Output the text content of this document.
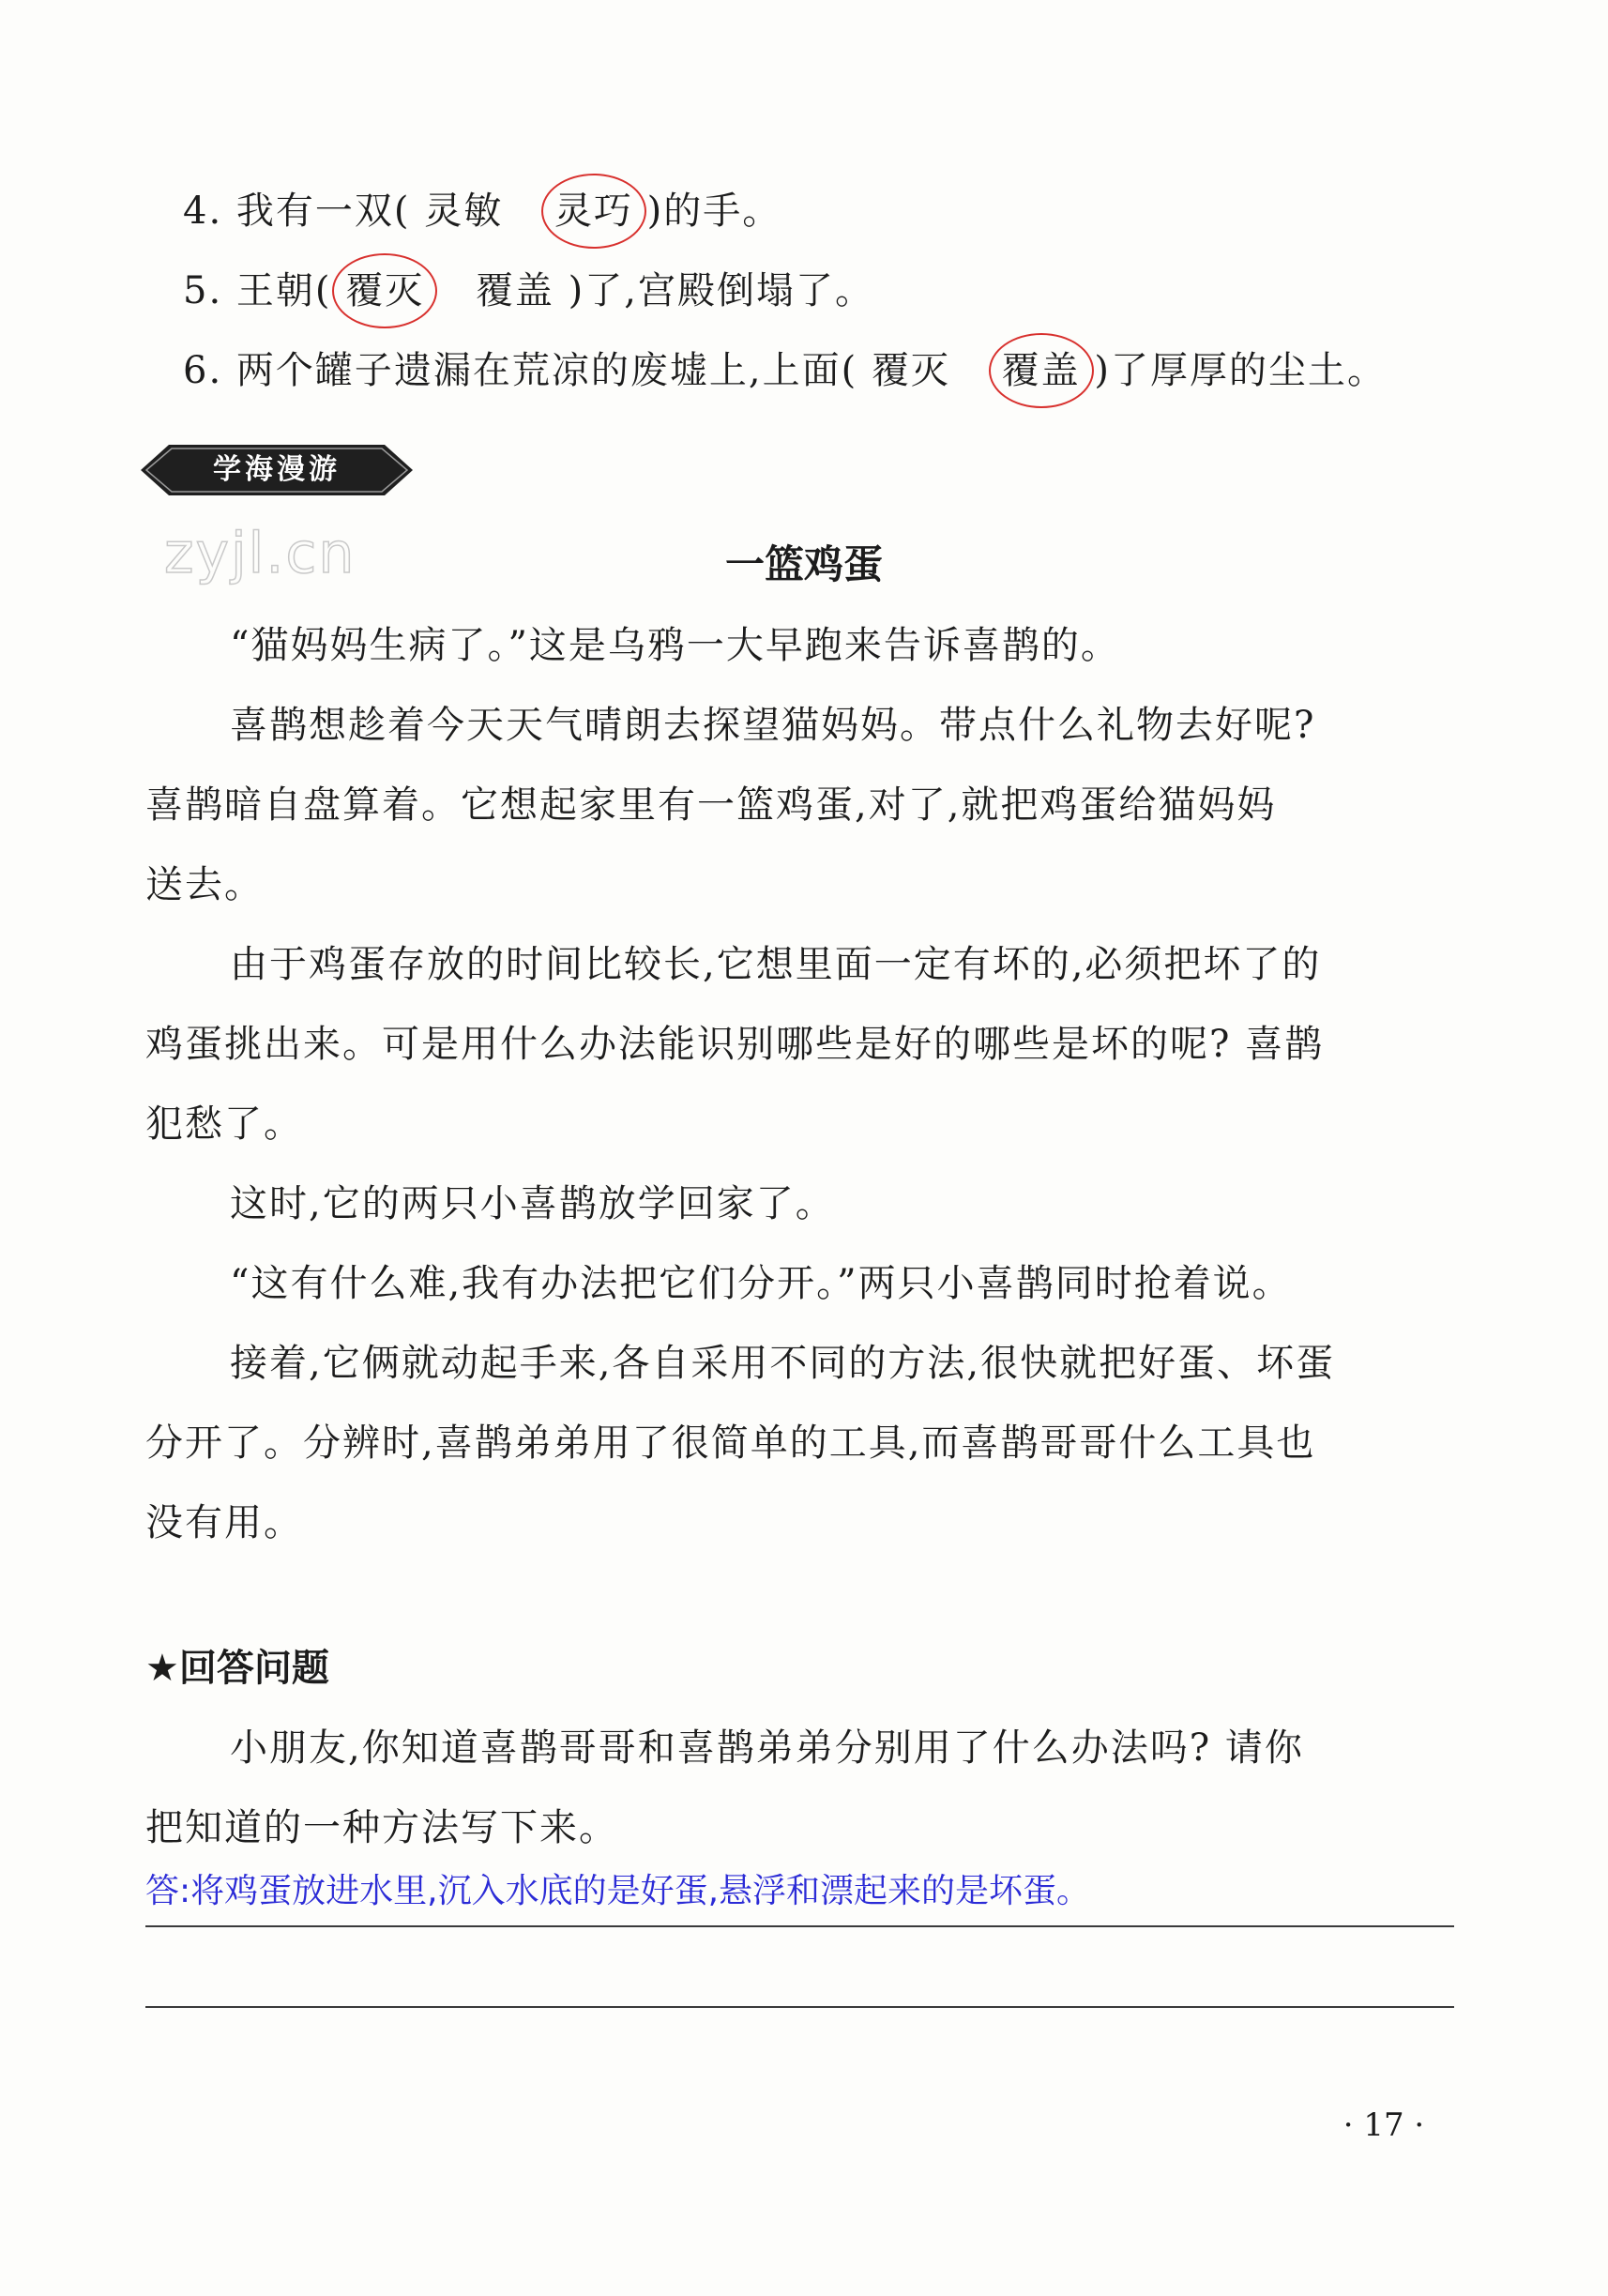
4. 我有一双( 灵敏 灵巧 )的手。
5. 王朝( 覆灭 覆盖 )了,宫殿倒塌了。
6. 两个罐子遗漏在荒凉的废墟上,上面( 覆灭 覆盖 )了厚厚的尘土。
学海漫游
zyjl.cn	一篮鸡蛋
“猫妈妈生病了。”这是乌鸦一大早跑来告诉喜鹊的。
喜鹊想趁着今天天气晴朗去探望猫妈妈。带点什么礼物去好呢?
喜鹊暗自盘算着。它想起家里有一篮鸡蛋,对了,就把鸡蛋给猫妈妈
送去。
由于鸡蛋存放的时间比较长,它想里面一定有坏的,必须把坏了的
鸡蛋挑出来。可是用什么办法能识别哪些是好的哪些是坏的呢? 喜鹊
犯愁了。
这时,它的两只小喜鹊放学回家了。
“这有什么难,我有办法把它们分开。”两只小喜鹊同时抢着说。
接着,它俩就动起手来,各自采用不同的方法,很快就把好蛋、坏蛋
分开了。分辨时,喜鹊弟弟用了很简单的工具,而喜鹊哥哥什么工具也
没有用。
★回答问题
小朋友,你知道喜鹊哥哥和喜鹊弟弟分别用了什么办法吗? 请你
把知道的一种方法写下来。
答:将鸡蛋放进水里,沉入水底的是好蛋,悬浮和漂起来的是坏蛋。
· 17 ·
